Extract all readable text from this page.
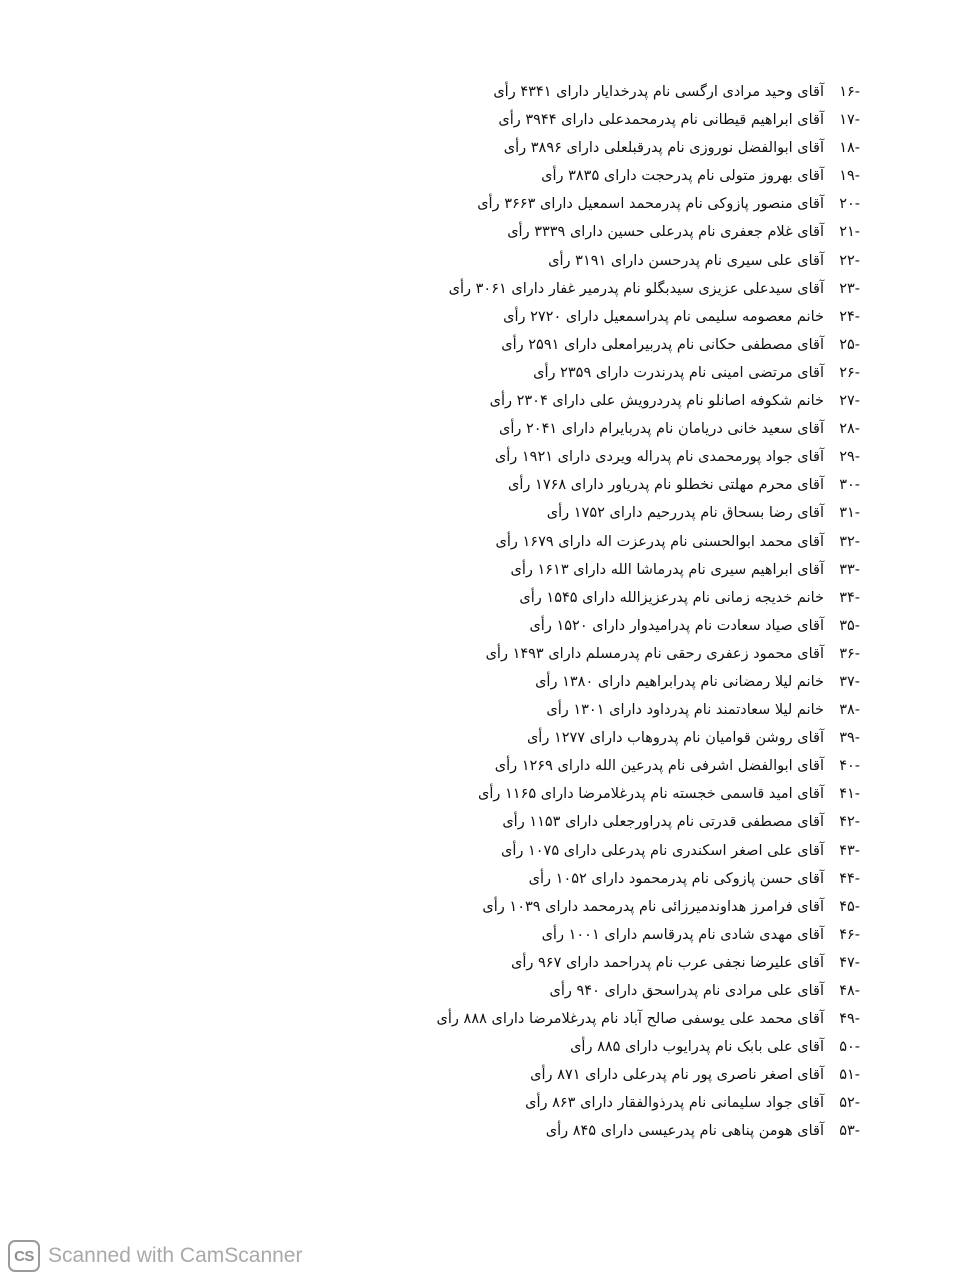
-۱۶آقای وحید مرادی ارگسی نام پدرخدایار دارای ۴۳۴۱ رأی
-۱۷آقای ابراهیم قیطانی نام پدرمحمدعلی دارای ۳۹۴۴ رأی
-۱۸آقای ابوالفضل نوروزی نام پدرقبلعلی دارای ۳۸۹۶ رأی
-۱۹آقای بهروز متولی نام پدرحجت دارای ۳۸۳۵ رأی
-۲۰آقای منصور پازوکی نام پدرمحمد اسمعیل دارای ۳۶۶۳ رأی
-۲۱آقای غلام جعفری نام پدرعلی حسین دارای ۳۳۳۹ رأی
-۲۲آقای علی سیری نام پدرحسن دارای ۳۱۹۱ رأی
-۲۳آقای سیدعلی عزیزی سیدبگلو نام پدرمیر غفار دارای ۳۰۶۱ رأی
-۲۴خانم معصومه سلیمی نام پدراسمعیل دارای ۲۷۲۰ رأی
-۲۵آقای مصطفی حکانی نام پدربیرامعلی دارای ۲۵۹۱ رأی
-۲۶آقای مرتضی امینی نام پدرندرت دارای ۲۳۵۹ رأی
-۲۷خانم شکوفه اصانلو نام پدردرویش علی دارای ۲۳۰۴ رأی
-۲۸آقای سعید خانی دریامان نام پدربایرام دارای ۲۰۴۱ رأی
-۲۹آقای جواد پورمحمدی نام پدراله ویردی دارای ۱۹۲۱ رأی
-۳۰آقای محرم مهلتی نخطلو نام پدریاور دارای ۱۷۶۸ رأی
-۳۱آقای رضا بسحاق نام پدررحیم دارای ۱۷۵۲ رأی
-۳۲آقای محمد ابوالحسنی نام پدرعزت اله دارای ۱۶۷۹ رأی
-۳۳آقای ابراهیم سیری نام پدرماشا الله دارای ۱۶۱۳ رأی
-۳۴خانم خدیجه زمانی نام پدرعزیزالله دارای ۱۵۴۵ رأی
-۳۵آقای صیاد سعادت نام پدرامیدوار دارای ۱۵۲۰ رأی
-۳۶آقای محمود زعفری رحقی نام پدرمسلم دارای ۱۴۹۳ رأی
-۳۷خانم لیلا رمضانی نام پدرابراهیم دارای ۱۳۸۰ رأی
-۳۸خانم لیلا سعادتمند نام پدرداود دارای ۱۳۰۱ رأی
-۳۹آقای روشن قوامیان نام پدروهاب دارای ۱۲۷۷ رأی
-۴۰آقای ابوالفضل اشرفی نام پدرعین الله دارای ۱۲۶۹ رأی
-۴۱آقای امید قاسمی خجسته نام پدرغلامرضا دارای ۱۱۶۵ رأی
-۴۲آقای مصطفی قدرتی نام پدراورجعلی دارای ۱۱۵۳ رأی
-۴۳آقای علی اصغر اسکندری نام پدرعلی دارای ۱۰۷۵ رأی
-۴۴آقای حسن پازوکی نام پدرمحمود دارای ۱۰۵۲ رأی
-۴۵آقای فرامرز هداوندمیرزائی نام پدرمحمد دارای ۱۰۳۹ رأی
-۴۶آقای مهدی شادی نام پدرقاسم دارای ۱۰۰۱ رأی
-۴۷آقای علیرضا نجفی عرب نام پدراحمد دارای ۹۶۷ رأی
-۴۸آقای علی مرادی نام پدراسحق دارای ۹۴۰ رأی
-۴۹آقای محمد علی یوسفی صالح آباد نام پدرغلامرضا دارای ۸۸۸ رأی
-۵۰آقای علی بابک نام پدرایوب دارای ۸۸۵ رأی
-۵۱آقای اصغر ناصری پور نام پدرعلی دارای ۸۷۱ رأی
-۵۲آقای جواد سلیمانی نام پدرذوالفقار دارای ۸۶۳ رأی
-۵۳آقای هومن پناهی نام پدرعیسی دارای ۸۴۵ رأی
CS Scanned with CamScanner
